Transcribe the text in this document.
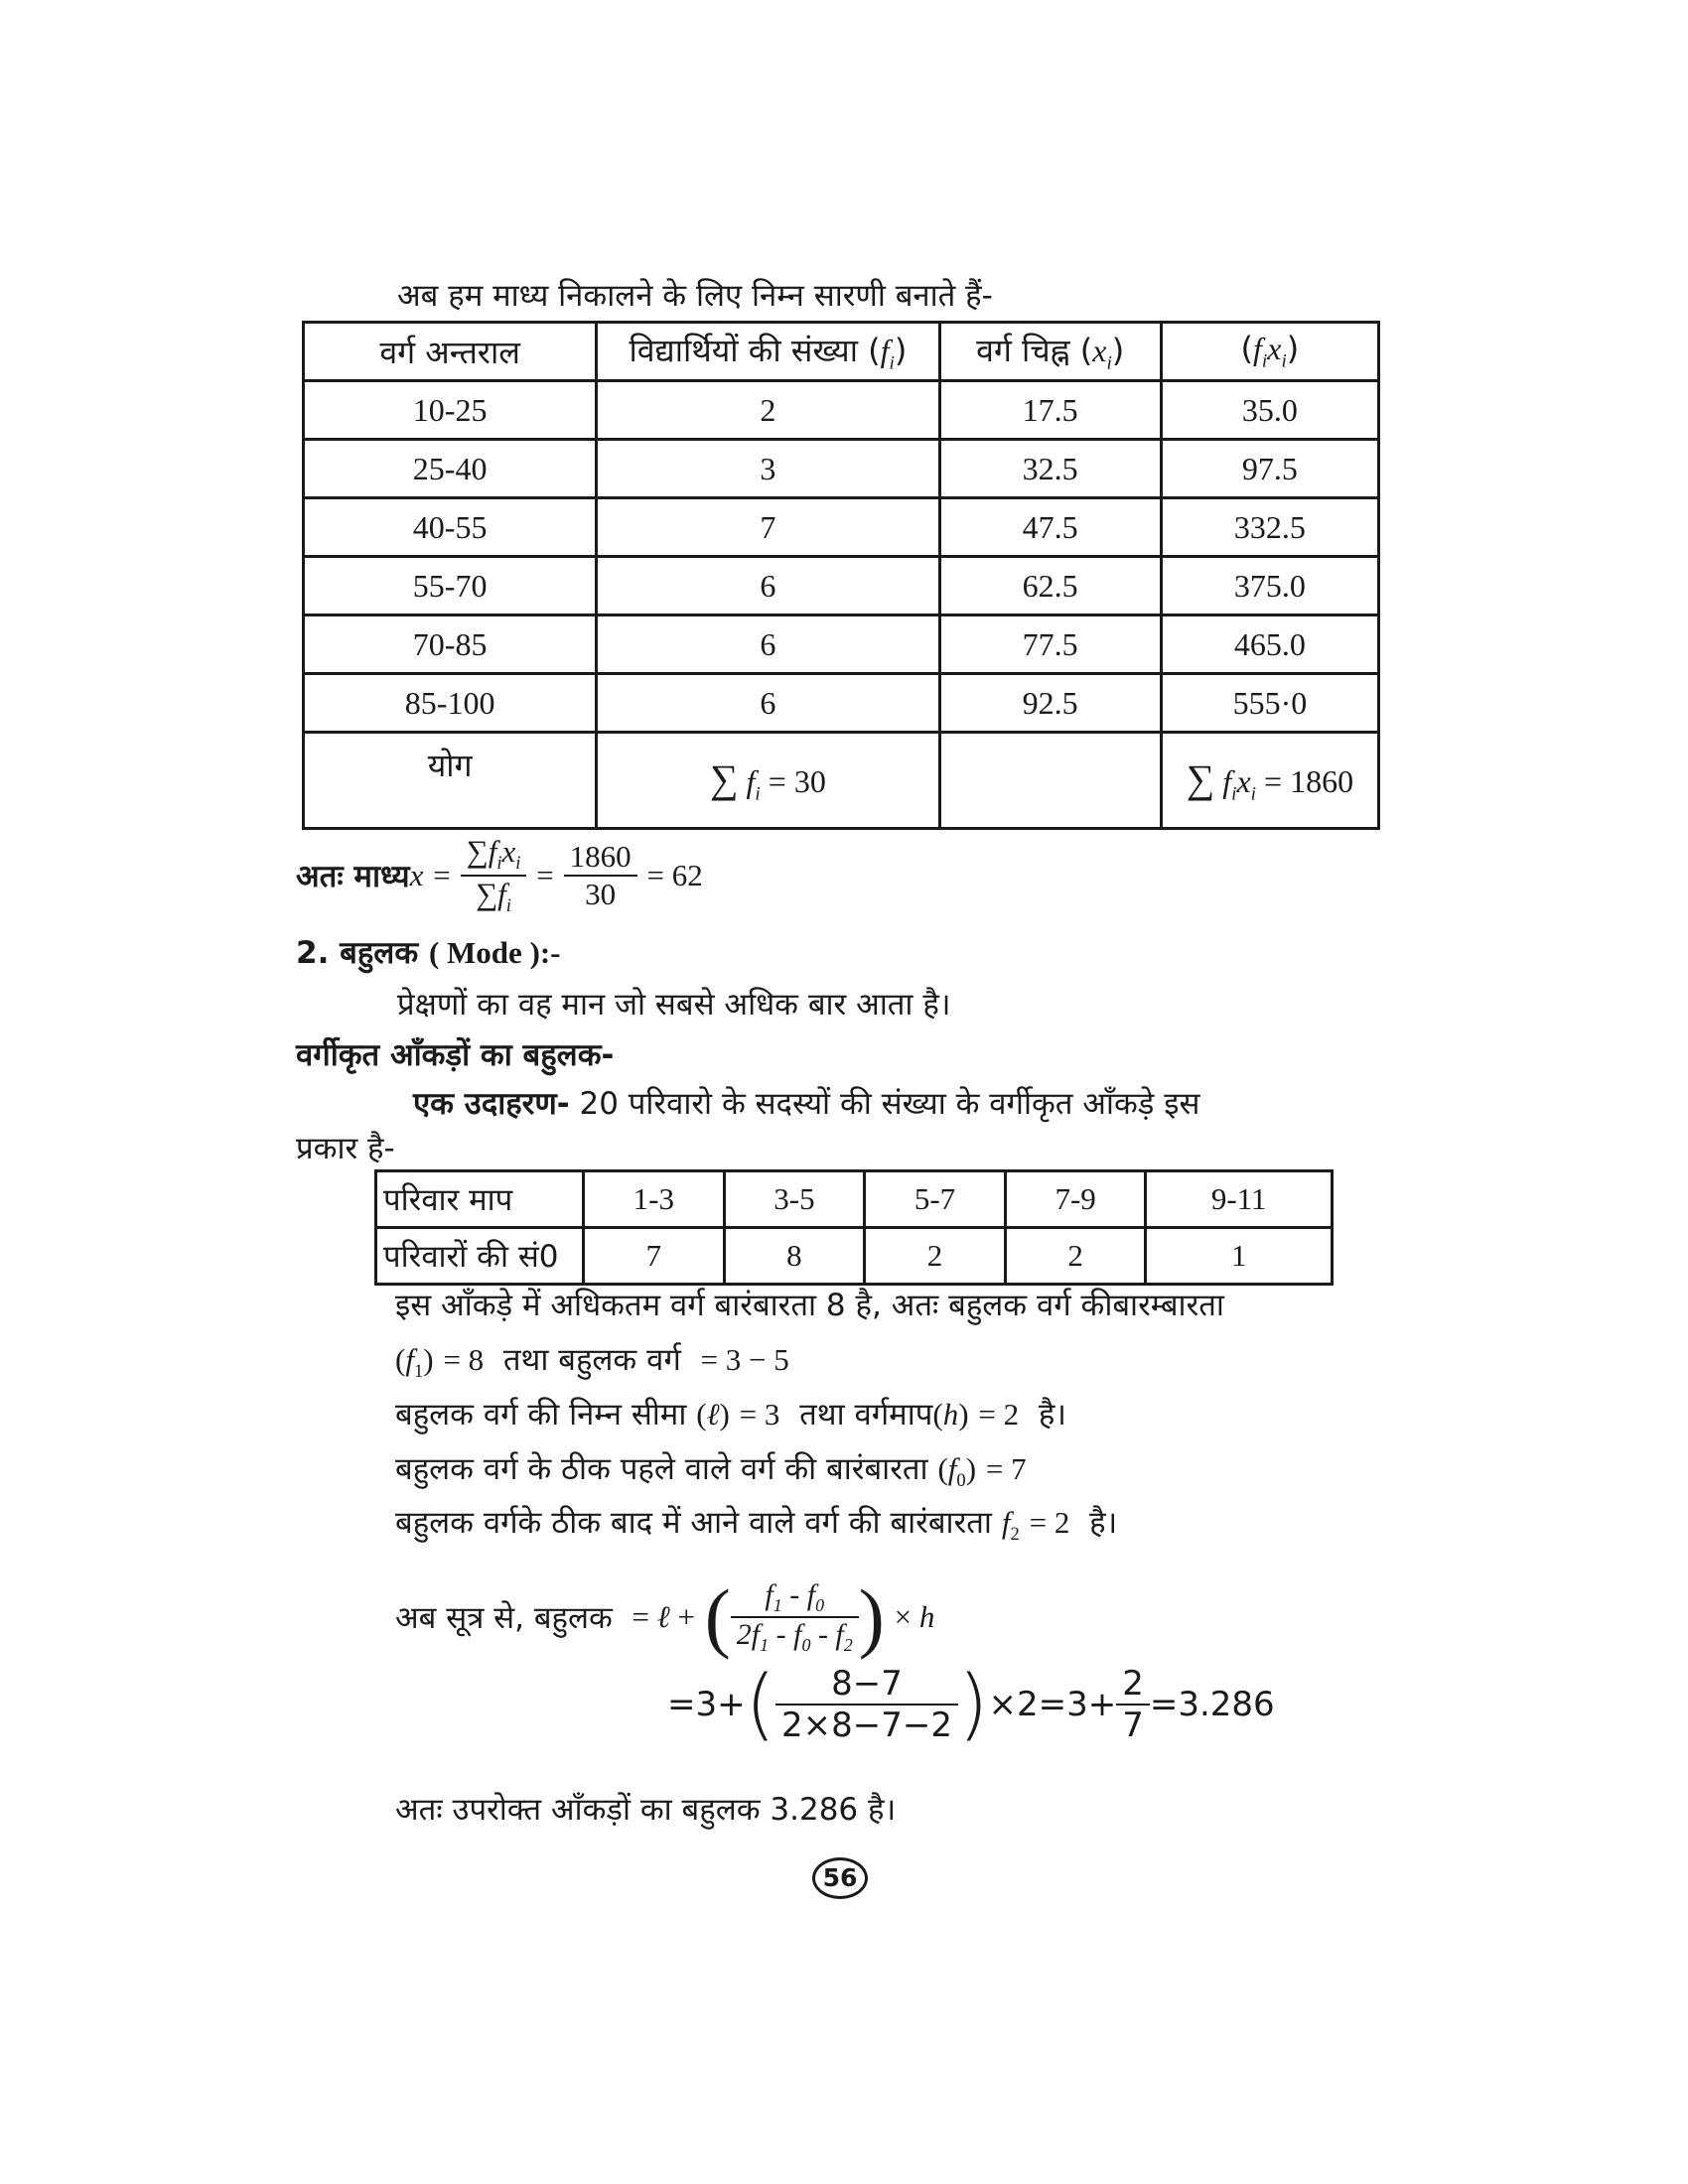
अब हम माध्य निकालने के लिए निम्न सारणी बनाते हैं-
वर्ग अन्तराल	विद्यार्थियों की संख्या $(f_i)$	वर्ग चिह्न $(x_i)$	$(f_ix_i)$
10-25	2	17.5	35.0
25-40	3	32.5	97.5
40-55	7	47.5	332.5
55-70	6	62.5	375.0
70-85	6	77.5	465.0
85-100	6	92.5	555·0
योग	∑ $f_i = 30$		∑ $f_ix_i = 1860$
अतः माध्यx = $\frac{\sum f_ix_i}{\sum f_i} = \frac{1860}{30} = 62$
2. बहुलक ( Mode ):-
प्रेक्षणों का वह मान जो सबसे अधिक बार आता है।
वर्गीकृत आँकड़ों का बहुलक-
एक उदाहरण- 20 परिवारो के सदस्यों की संख्या के वर्गीकृत आँकड़े इस
प्रकार है-
परिवार माप	1-3	3-5	5-7	7-9	9-11
परिवारों की सं0	7	8	2	2	1
इस आँकड़े में अधिकतम वर्ग बारंबारता 8 है, अतः बहुलक वर्ग कीबारम्बारता
$(f_1) = 8$ तथा बहुलक वर्ग = 3 − 5
बहुलक वर्ग की निम्न सीमा (ℓ) = 3 तथा वर्गमाप(h) = 2 है।
बहुलक वर्ग के ठीक पहले वाले वर्ग की बारंबारता $(f_0) = 7$
बहुलक वर्गके ठीक बाद में आने वाले वर्ग की बारंबारता $f_2 = 2$ है।
अब सूत्र से, बहुलक = ℓ + ( $\frac{f_1 - f_0}{2f_1 - f_0 - f_2}$ ) × h
$=3+( \frac{8-7}{2\times 8-7-2} )\times 2=3+ \frac{2}{7} =3.286$
अतः उपरोक्त आँकड़ों का बहुलक 3.286 है।
56
